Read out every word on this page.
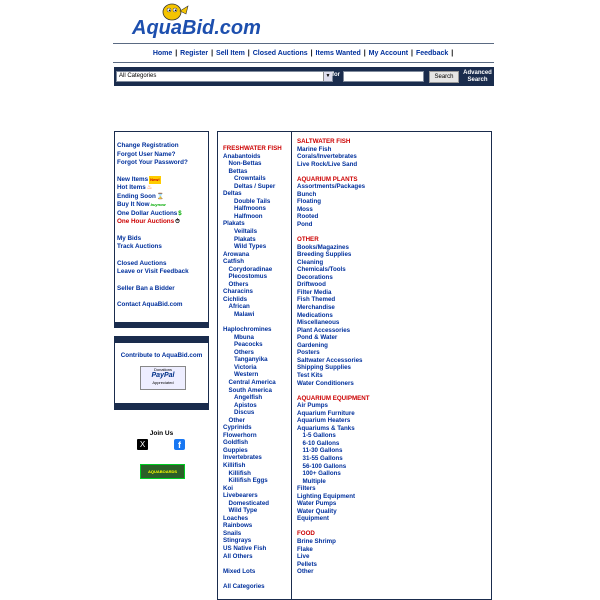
AquaBid.com
Home | Register | Sell Item | Closed Auctions | Items Wanted | My Account | Feedback |
All Categories	▼ for	Search
Advanced
Search
Change Registration
Forgot User Name?
Forgot Your Password?
New Items New!
Hot Items♨
Ending Soon⌛
Buy It Nowbuynow
One Dollar Auctions$
One Hour Auctions⏱
My Bids
Track Auctions
Closed Auctions
Leave or Visit Feedback
Seller Ban a Bidder
Contact AquaBid.com
Contribute to AquaBid.com
Donations
PayPal
Appreciated
Join Us
X	f
AQUABOARDS
FRESHWATER FISH
Anabantoids
Non-Bettas
Bettas
Crowntails
Deltas / Super
Deltas
Double Tails
Halfmoons
Halfmoon
Plakats
Veiltails
Plakats
Wild Types
Arowana
Catfish
Corydoradinae
Plecostomus
Others
Characins
Cichlids
African
Malawi
Haplochromines
Mbuna
Peacocks
Others
Tanganyika
Victoria
Western
Central America
South America
Angelfish
Apistos
Discus
Other
Cyprinids
Flowerhorn
Goldfish
Guppies
Invertebrates
Killifish
Killifish
Killifish Eggs
Koi
Livebearers
Domesticated
Wild Type
Loaches
Rainbows
Snails
Stingrays
US Native Fish
All Others
Mixed Lots
All Categories
SALTWATER FISH
Marine Fish
Corals/Invertebrates
Live Rock/Live Sand
AQUARIUM PLANTS
Assortments/Packages
Bunch
Floating
Moss
Rooted
Pond
OTHER
Books/Magazines
Breeding Supplies
Cleaning
Chemicals/Tools
Decorations
Driftwood
Filter Media
Fish Themed
Merchandise
Medications
Miscellaneous
Plant Accessories
Pond & Water
Gardening
Posters
Saltwater Accessories
Shipping Supplies
Test Kits
Water Conditioners
AQUARIUM EQUIPMENT
Air Pumps
Aquarium Furniture
Aquarium Heaters
Aquariums & Tanks
1-5 Gallons
6-10 Gallons
11-30 Gallons
31-55 Gallons
56-100 Gallons
100+ Gallons
Multiple
Filters
Lighting Equipment
Water Pumps
Water Quality
Equipment
FOOD
Brine Shrimp
Flake
Live
Pellets
Other
